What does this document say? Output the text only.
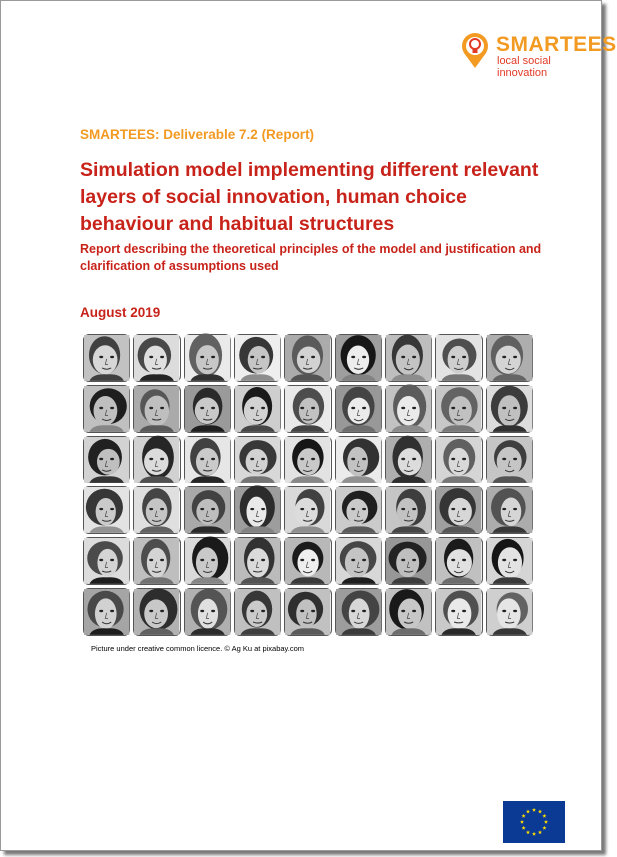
SMARTEES
local social innovation
SMARTEES: Deliverable 7.2 (Report)
Simulation model implementing different relevant layers of social innovation, human choice behaviour and habitual structures
Report describing the theoretical principles of the model and justification and clarification of assumptions used
August 2019
Picture under creative common licence. © Ag Ku at pixabay.com
